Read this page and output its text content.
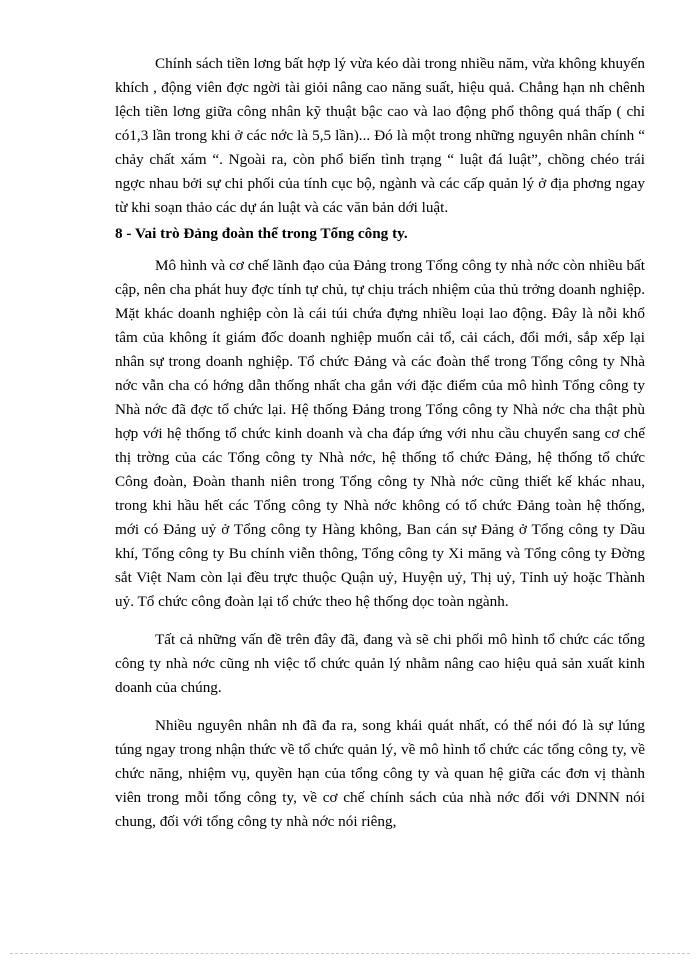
Chính sách tiền lơng bất hợp lý vừa kéo dài trong nhiều năm, vừa không khuyến khích , động viên đợc ngời tài giỏi nâng cao năng suất, hiệu quả. Chẳng hạn nh chênh lệch tiền lơng giữa công nhân kỹ thuật bậc cao và lao động phổ thông quá thấp ( chỉ có1,3 lần trong khi ở các nớc là 5,5 lần)... Đó là một trong những nguyên nhân chính “ chảy chất xám “. Ngoài ra, còn phổ biến tình trạng “ luật đá luật”, chồng chéo trái ngợc nhau bởi sự chi phối của tính cục bộ, ngành và các cấp quản lý ở địa phơng ngay từ khi soạn thảo các dự án luật và các văn bản dới luật.

8 - Vai trò Đảng đoàn thể trong Tổng công ty.

Mô hình và cơ chế lãnh đạo của Đảng trong Tổng công ty nhà nớc còn nhiều bất cập, nên cha phát huy đợc tính tự chủ, tự chịu trách nhiệm của thủ trởng doanh nghiệp. Mặt khác doanh nghiệp còn là cái túi chứa đựng nhiều loại lao động. Đây là nỗi khổ tâm của không ít giám đốc doanh nghiệp muốn cải tổ, cải cách, đổi mới, sắp xếp lại nhân sự trong doanh nghiệp. Tổ chức Đảng và các đoàn thể trong Tổng công ty Nhà nớc vẫn cha có hớng dẫn thống nhất cha gắn với đặc điểm của mô hình Tổng công ty Nhà nớc đã đợc tổ chức lại. Hệ thống Đảng trong Tổng công ty Nhà nớc cha thật phù hợp với hệ thống tổ chức kinh doanh và cha đáp ứng với nhu cầu chuyển sang cơ chế thị trờng của các Tổng công ty Nhà nớc, hệ thống tổ chức Đảng, hệ thống tổ chức Công đoàn, Đoàn thanh niên trong Tổng công ty Nhà nớc cũng thiết kế khác nhau, trong khi hầu hết các Tổng công ty Nhà nớc không có tổ chức Đảng toàn hệ thống, mới có Đảng uỷ ở Tổng công ty Hàng không, Ban cán sự Đảng ở Tổng công ty Dầu khí, Tổng công ty Bu chính viễn thông, Tổng công ty Xi măng và Tổng công ty Đờng sắt Việt Nam còn lại đều trực thuộc Quận uỷ, Huyện uỷ, Thị uỷ, Tỉnh uỷ hoặc Thành uỷ. Tổ chức công đoàn lại tổ chức theo hệ thống dọc toàn ngành.

Tất cả những vấn đề trên đây đã, đang và sẽ chi phối mô hình tổ chức các tổng công ty nhà nớc cũng nh việc tổ chức quản lý nhằm nâng cao hiệu quả sản xuất kinh doanh của chúng.

Nhiều nguyên nhân nh đã đa ra, song khái quát nhất, có thể nói đó là sự lúng túng ngay trong nhận thức về tổ chức quản lý, về mô hình tổ chức các tổng công ty, về chức năng, nhiệm vụ, quyền hạn của tổng công ty và quan hệ giữa các đơn vị thành viên trong mỗi tổng công ty, về cơ chế chính sách của nhà nớc đối với DNNN nói chung, đối với tổng công ty nhà nớc nói riêng,
